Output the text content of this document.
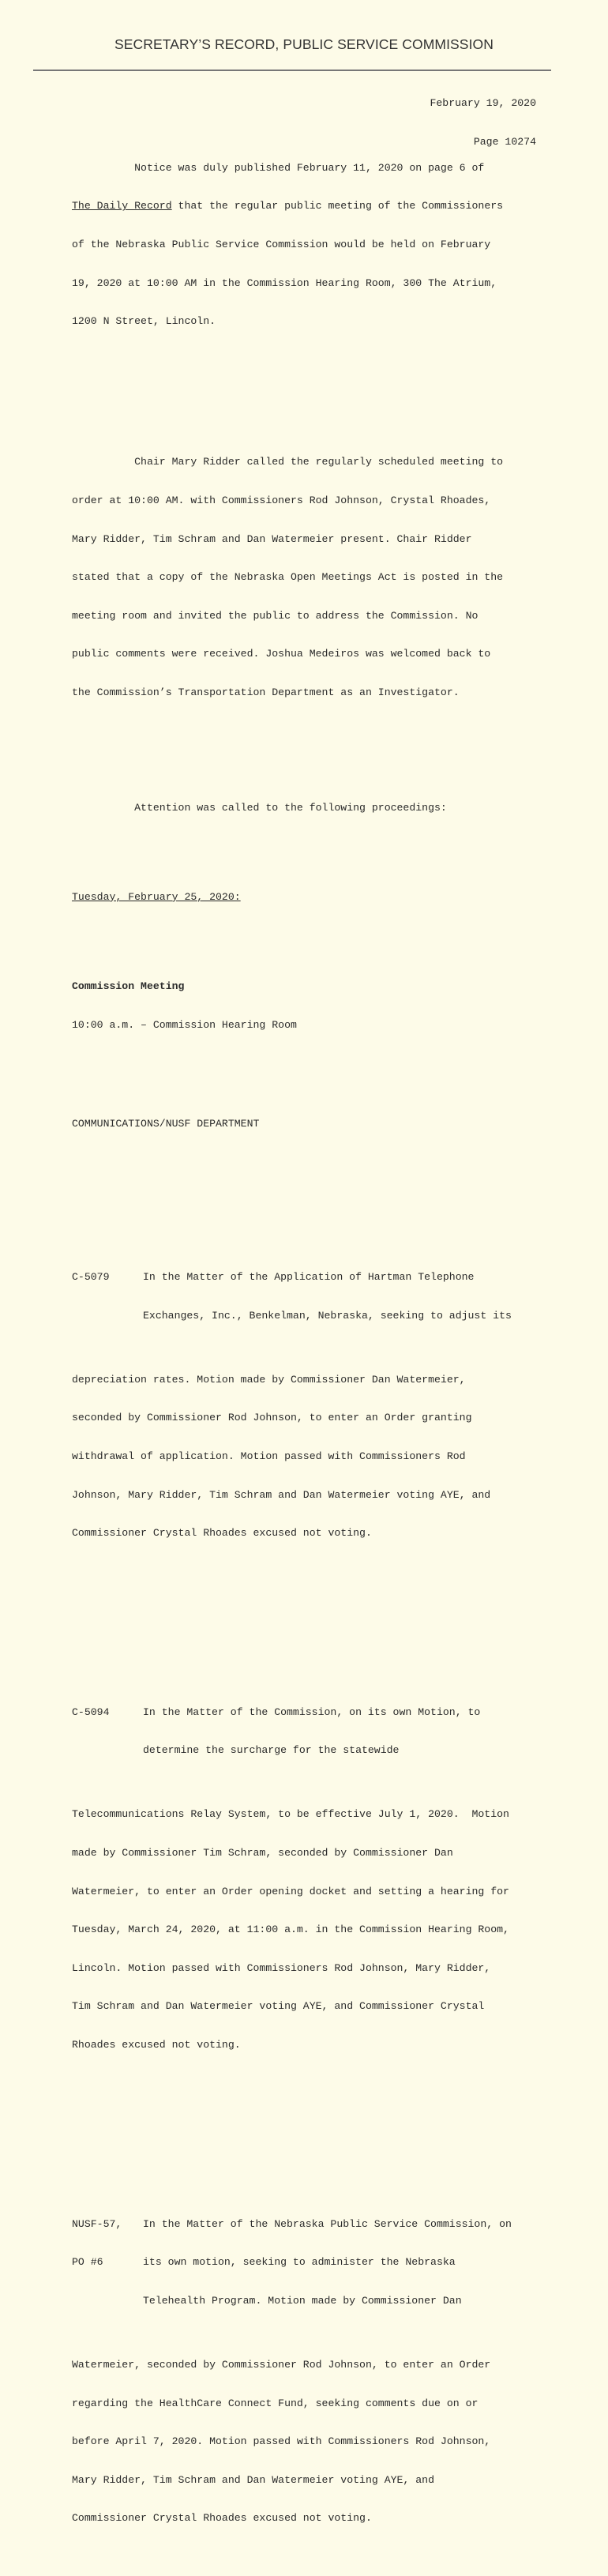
SECRETARY’S RECORD, PUBLIC SERVICE COMMISSION

February 19, 2020

Page 10274

Notice was duly published February 11, 2020 on page 6 of

The Daily Record that the regular public meeting of the Commissioners

of the Nebraska Public Service Commission would be held on February

19, 2020 at 10:00 AM in the Commission Hearing Room, 300 The Atrium,

1200 N Street, Lincoln.

Chair Mary Ridder called the regularly scheduled meeting to

order at 10:00 AM. with Commissioners Rod Johnson, Crystal Rhoades,

Mary Ridder, Tim Schram and Dan Watermeier present. Chair Ridder

stated that a copy of the Nebraska Open Meetings Act is posted in the

meeting room and invited the public to address the Commission. No

public comments were received. Joshua Medeiros was welcomed back to

the Commission’s Transportation Department as an Investigator.

Attention was called to the following proceedings:

Tuesday, February 25, 2020:

Commission Meeting

10:00 a.m. – Commission Hearing Room

COMMUNICATIONS/NUSF DEPARTMENT

C-5079

	In the Matter of the Application of Hartman Telephone

Exchanges, Inc., Benkelman, Nebraska, seeking to adjust its

depreciation rates. Motion made by Commissioner Dan Watermeier,

seconded by Commissioner Rod Johnson, to enter an Order granting

withdrawal of application. Motion passed with Commissioners Rod

Johnson, Mary Ridder, Tim Schram and Dan Watermeier voting AYE, and

Commissioner Crystal Rhoades excused not voting.

C-5094

	In the Matter of the Commission, on its own Motion, to

determine the surcharge for the statewide

Telecommunications Relay System, to be effective July 1, 2020.  Motion

made by Commissioner Tim Schram, seconded by Commissioner Dan

Watermeier, to enter an Order opening docket and setting a hearing for

Tuesday, March 24, 2020, at 11:00 a.m. in the Commission Hearing Room,

Lincoln. Motion passed with Commissioners Rod Johnson, Mary Ridder,

Tim Schram and Dan Watermeier voting AYE, and Commissioner Crystal

Rhoades excused not voting.

NUSF-57,

PO #6

In the Matter of the Nebraska Public Service Commission, on

its own motion, seeking to administer the Nebraska

Telehealth Program. Motion made by Commissioner Dan

Watermeier, seconded by Commissioner Rod Johnson, to enter an Order

regarding the HealthCare Connect Fund, seeking comments due on or

before April 7, 2020. Motion passed with Commissioners Rod Johnson,

Mary Ridder, Tim Schram and Dan Watermeier voting AYE, and

Commissioner Crystal Rhoades excused not voting.
